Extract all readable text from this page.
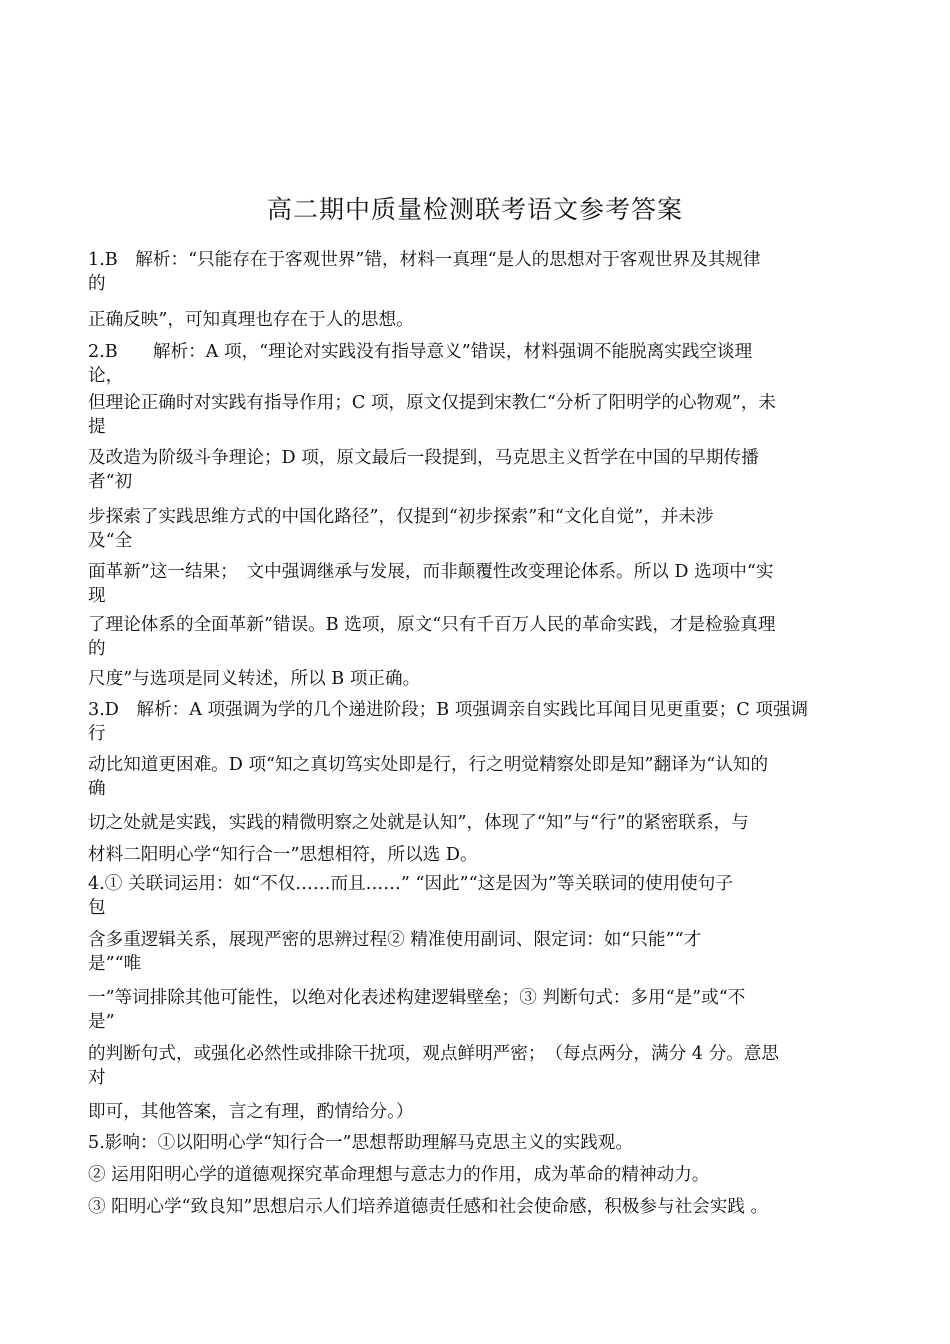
高二期中质量检测联考语文参考答案
1.B　解析：“只能存在于客观世界”错，材料一真理“是人的思想对于客观世界及其规律
的
正确反映”，可知真理也存在于人的思想。
2.B　　解析：A 项，“理论对实践没有指导意义”错误，材料强调不能脱离实践空谈理
论，
但理论正确时对实践有指导作用；C 项，原文仅提到宋教仁“分析了阳明学的心物观”，未
提
及改造为阶级斗争理论；D 项，原文最后一段提到，马克思主义哲学在中国的早期传播
者“初
步探索了实践思维方式的中国化路径”，仅提到“初步探索”和“文化自觉”，并未涉
及“全
面革新”这一结果；　文中强调继承与发展，而非颠覆性改变理论体系。所以 D 选项中“实
现
了理论体系的全面革新”错误。B 选项，原文“只有千百万人民的革命实践，才是检验真理
的
尺度”与选项是同义转述，所以 B 项正确。
3.D　解析：A 项强调为学的几个递进阶段；B 项强调亲自实践比耳闻目见更重要；C 项强调
行
动比知道更困难。D 项“知之真切笃实处即是行，行之明觉精察处即是知”翻译为“认知的
确
切之处就是实践，实践的精微明察之处就是认知”，体现了“知”与“行”的紧密联系，与
材料二阳明心学“知行合一”思想相符，所以选 D。
4.① 关联词运用：如“不仅……而且……” “因此”“这是因为”等关联词的使用使句子
包
含多重逻辑关系，展现严密的思辨过程② 精准使用副词、限定词：如“只能”“才
是”“唯
一”等词排除其他可能性，以绝对化表述构建逻辑壁垒；③ 判断句式：多用“是”或“不
是”
的判断句式，或强化必然性或排除干扰项，观点鲜明严密；　（每点两分，满分 4 分。意思
对
即可，其他答案，言之有理，酌情给分。）
5.影响：①以阳明心学“知行合一”思想帮助理解马克思主义的实践观。
② 运用阳明心学的道德观探究革命理想与意志力的作用，成为革命的精神动力。
③ 阳明心学“致良知”思想启示人们培养道德责任感和社会使命感，积极参与社会实践 。
